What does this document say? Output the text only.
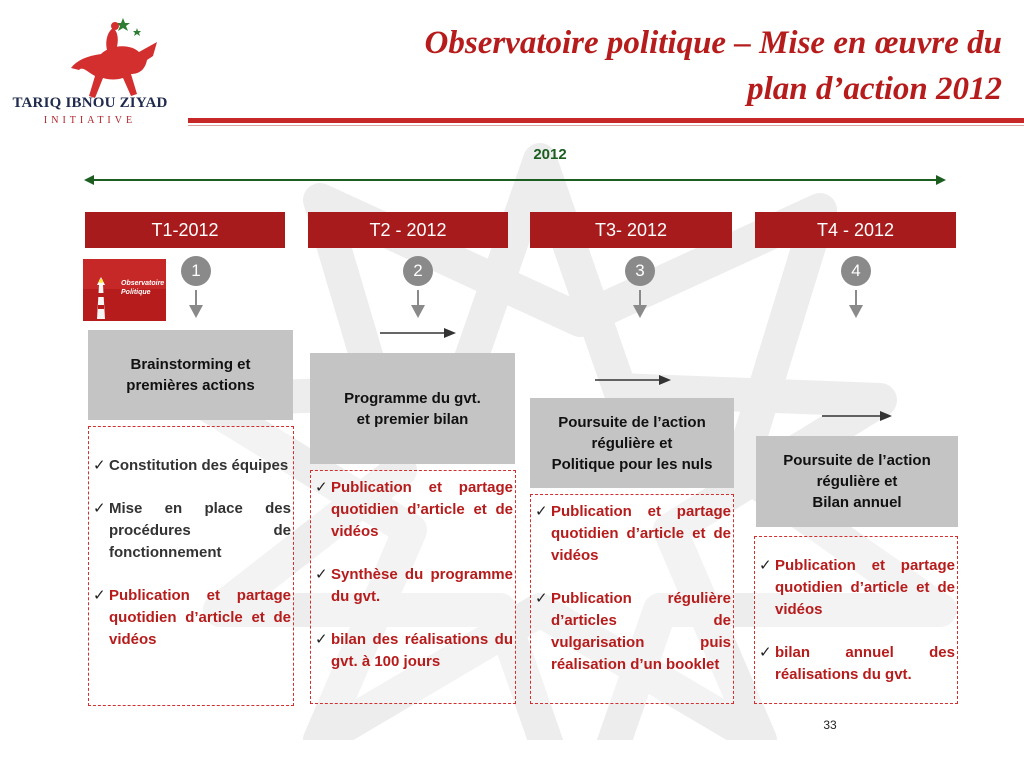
TARIQ IBNOU ZIYAD
INITIATIVE
Observatoire politique – Mise en œuvre du
plan d’action 2012
2012
T1-2012	T2 - 2012	T3- 2012	T4 - 2012
1	2	3	4
Observatoire
Politique
Brainstorming et
premières actions
✓ Constitution des équipes
✓ Mise en place des procédures de fonctionnement
✓ Publication et partage quotidien d’article et de vidéos
Programme du gvt.
et premier bilan
✓ Publication et partage quotidien d’article et de vidéos
✓ Synthèse du programme du gvt.
✓ bilan des réalisations du gvt. à 100 jours
Poursuite de l’action
régulière et
Politique pour les nuls
✓ Publication et partage quotidien d’article et de vidéos
✓ Publication régulière d’articles de vulgarisation puis réalisation d’un booklet
Poursuite de l’action
régulière et
Bilan annuel
✓ Publication et partage quotidien d’article et de vidéos
✓ bilan annuel des réalisations du gvt.
33
